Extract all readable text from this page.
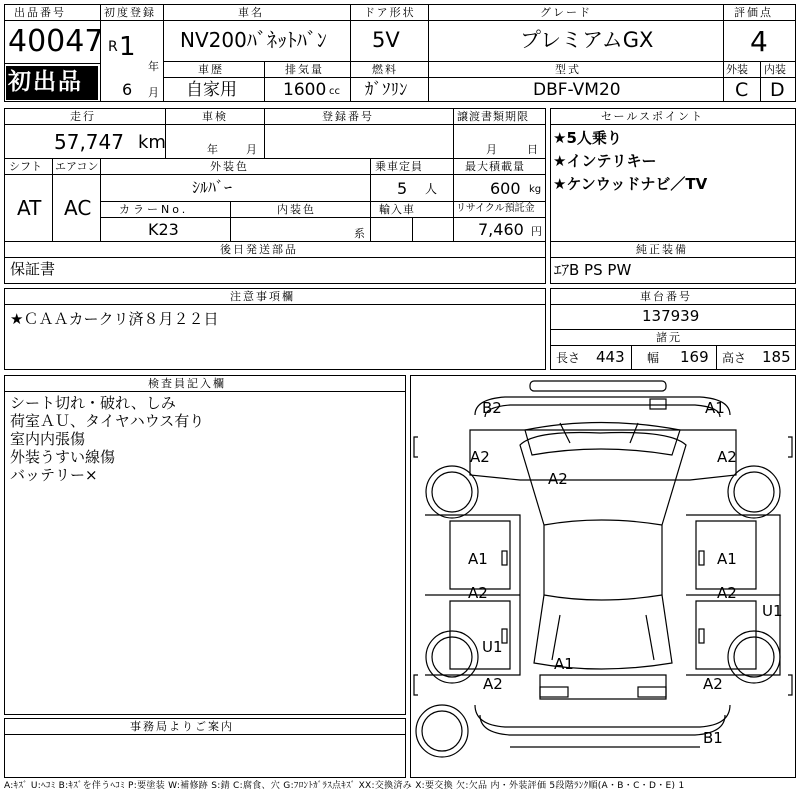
出品番号
40047
初出品
初度登録
R 1
年
6 月
車名
NV200ﾊﾞﾈｯﾄﾊﾞﾝ
ドア形状
5V
グレード
プレミアムGX
評価点
4
車歴
自家用
排気量
1600 cc
燃料
ｶﾞｿﾘﾝ
型式
DBF-VM20
外装
C
内装
D
走行
57,747 km
車検
年	月
登録番号	譲渡書類期限
月	日
シフト
AT
エアコン
AC
外装色
ｼﾙﾊﾞｰ
乗車定員
5 人
最大積載量
600 kg
カラーNo.
K23
内装色
系
輸入車	リサイクル預託金
7,460 円
後日発送部品
保証書
セールスポイント
★5人乗り
★インテリキー
★ケンウッドナビ／TV
純正装備
ｴｱB PS PW
注意事項欄
★ＣＡＡカークリ済８月２２日
車台番号
137939
諸元
長さ 443 幅 169 高さ 185
検査員記入欄
シート切れ・破れ、しみ
荷室ＡＵ、タイヤハウス有り
室内内張傷
外装うすい線傷
バッテリー×
事務局よりご案内
B2	A1
A2	A2
A2
A1	A1
A2	A2
U1
U1
A1
A2	A2
B1
A:ｷｽﾞ U:ﾍｺﾐ B:ｷｽﾞを伴うﾍｺﾐ P:要塗装 W:補修跡 S:錆 C:腐食、穴 G:ﾌﾛﾝﾄｶﾞﾗｽ点ｷｽﾞ XX:交換済み X:要交換 欠:欠品 内・外装評価 5段階ﾗﾝｸ順(A・B・C・D・E) 1
